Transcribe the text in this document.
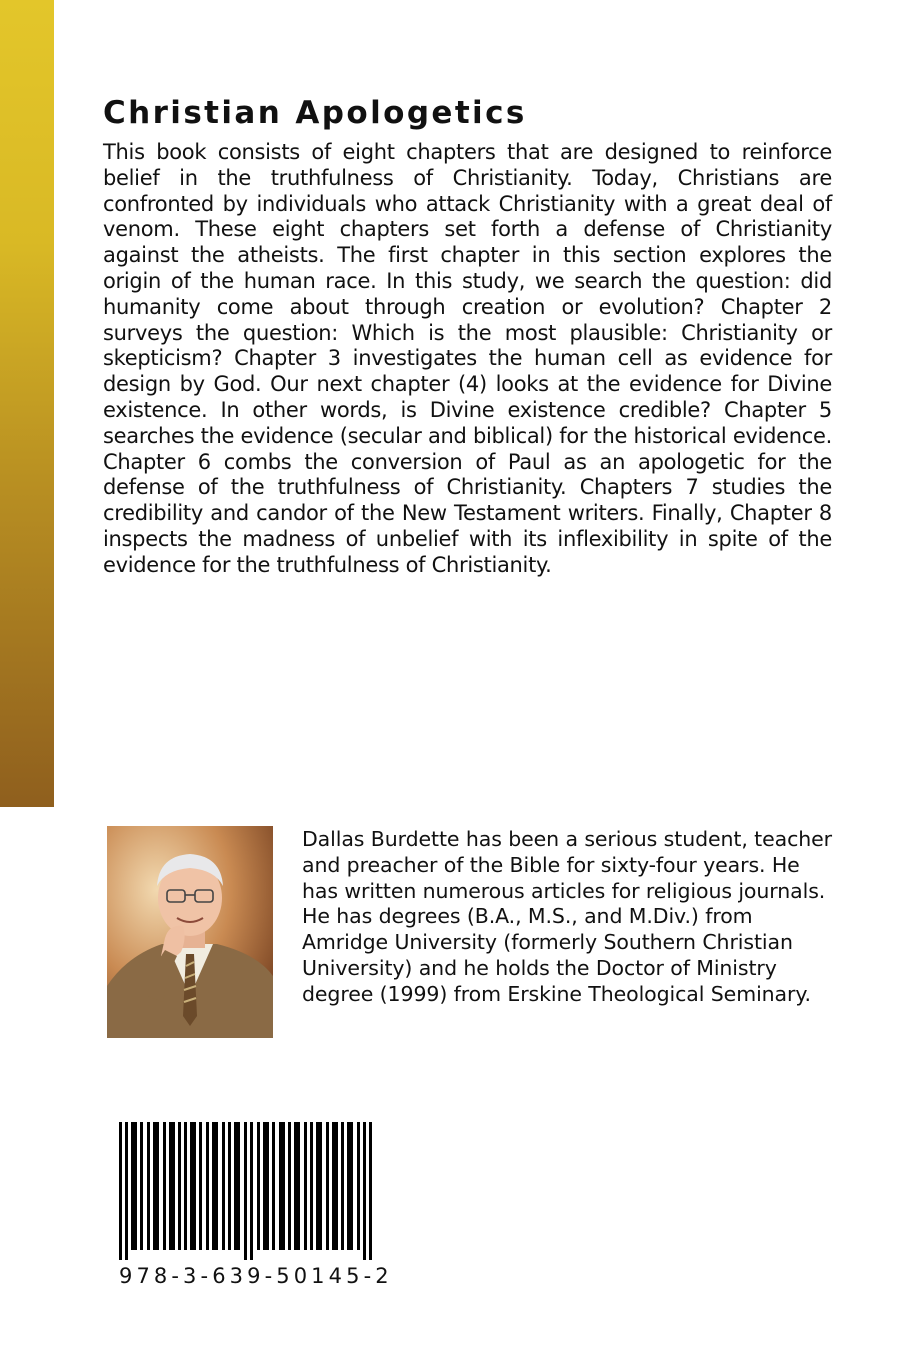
Christian Apologetics

This book consists of eight chapters that are designed to reinforce belief in the truthfulness of Christianity. Today, Christians are confronted by individuals who attack Christianity with a great deal of venom. These eight chapters set forth a defense of Christianity against the atheists. The first chapter in this section explores the origin of the human race. In this study, we search the question: did humanity come about through creation or evolution? Chapter 2 surveys the question: Which is the most plausible: Christianity or skepticism? Chapter 3 investigates the human cell as evidence for design by God. Our next chapter (4) looks at the evidence for Divine existence. In other words, is Divine existence credible? Chapter 5 searches the evidence (secular and biblical) for the historical evidence. Chapter 6 combs the conversion of Paul as an apologetic for the defense of the truthfulness of Christianity. Chapters 7 studies the credibility and candor of the New Testament writers. Finally, Chapter 8 inspects the madness of unbelief with its inflexibility in spite of the evidence for the truthfulness of Christianity.

Dallas Burdette has been a serious student, teacher and preacher of the Bible for sixty-four years. He has written numerous articles for religious journals. He has degrees (B.A., M.S., and M.Div.) from Amridge University (formerly Southern Christian University) and he holds the Doctor of Ministry degree (1999) from Erskine Theological Seminary.

978-3-639-50145-2
